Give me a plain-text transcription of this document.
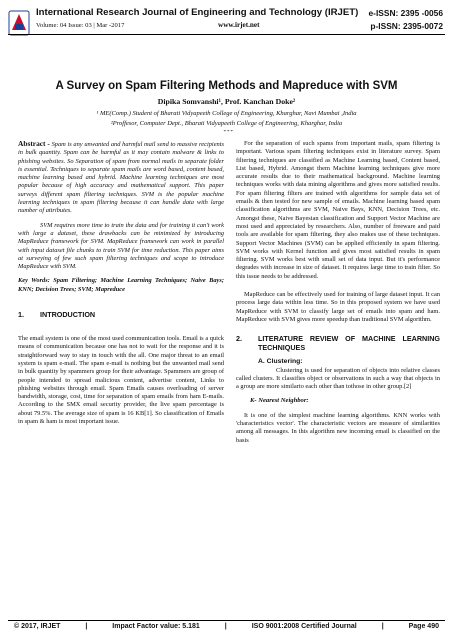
International Research Journal of Engineering and Technology (IRJET) e-ISSN: 2395 -0056
Volume: 04 Issue: 03 | Mar -2017	www.irjet.net	p-ISSN: 2395-0072
A Survey on Spam Filtering Methods and Mapreduce with SVM
Dipika Somvanshi¹, Prof. Kanchan Doke²
¹ ME(Comp.) Student of Bharati Vidyapeeth College of Engineering, Kharghar, Navi Mumbai ,India
²Proffesor, Computer Dept., Bharati Vidyapeeth College of Engineering, Kharghar, India
***

Abstract - Spam is any unwanted and harmful mail send to massive recipients in bulk quantity. Spam can be harmful as it may contain malware & links to phishing websites. So Separation of spam from normal mails in separate folder is essential. Techniques to separate spam mails are word based, content based, machine learning based and hybrid. Machine learning techniques are most popular because of high accuracy and mathematical support. This paper surveys different spam filtering techniques. SVM is the popular machine learning techniques in spam filtering because it can handle data with large number of attributes.

SVM requires more time to train the data and for training it can't work with large a dataset, these drawbacks can be minimized by introducing MapReduce framework for SVM. MapReduce framework can work in parallel with input dataset file chunks to train SVM for time reduction. This paper aims at surveying of few such spam filtering techniques and scope to introduce MapReduce with SVM.

Key Words: Spam Filtering; Machine Learning Techniques; Naive Bays; KNN; Decision Trees; SVM; Mapreduce

1.	INTRODUCTION

The email system is one of the most used communication tools. Email is a quick means of communication because one has not to wait for the response and it is straightforward way to stay in touch with the all. One major threat to an email system is spam e-mail. The spam e-mail is nothing but the unwanted mail send in bulk quantity by spammers group for their advantage. Spammers are group of people intended to spread malicious content, advertise content, Links to phishing websites through email. Spam Emails causes overloading of server bandwidth, storage, cost, time for separation of spam emails from ham E-mails. According to the SMX email security provider, the live spam percentage is about 79.5%. The average size of spam is 16 KB[1]. So classification of Emails in spam & ham is most important issue.

For the separation of such spams from important mails, spam filtering is important. Various spam filtering techniques exist in literature survey. Spam filtering techniques are classified as Machine Learning based, Content based, List based, Hybrid. Amongst them Machine learning techniques give more accurate results due to their mathematical background. Machine learning techniques works with data mining algorithms and gives more satisfied results. For spam filtering filters are trained with algorithms for sample data set of emails & then tested for new sample of emails. Machine learning based spam classification algorithms are SVM, Naive Bays, KNN, Decision Trees, etc. Amongst these, Naive Bayesian classification and Support Vector Machine are most used and appreciated by researchers. Also, number of freeware and paid tools are available for spam filtering, they also makes use of these techniques. Support Vector Machines (SVM) can be applied efficiently in spam filtering. SVM works with Kernel function and gives most satisfied results in spam filtering. SVM works best with small set of data input. But it's performance degrades with increase in size of dataset. It requires large time to train filter. So this issue needs to be addressed.

MapReduce can be effectively used for training of large dataset input. It can process large data within less time. So in this proposed system we have used MapReduce with SVM to classify large set of emails into spam and ham. MapReduce with SVM gives more speedup than traditional SVM algorithm.

2.	LITERATURE REVIEW OF MACHINE LEARNING TECHNIQUES
A. Clustering:

Clustering is used for separation of objects into relative classes called clusters. It classifies object or observations in such a way that objects in a group are more similarto each other than tothose in other group.[2]

K- Nearest Neighbor:

It is one of the simplest machine learning algorithms. KNN works with 'characteristics vector'. The characteristic vectors are measure of similarities among all messages. In this algorithm new incoming email is classified on the basis

© 2017, IRJET	|	Impact Factor value: 5.181	|	ISO 9001:2008 Certified Journal	|	Page 490
